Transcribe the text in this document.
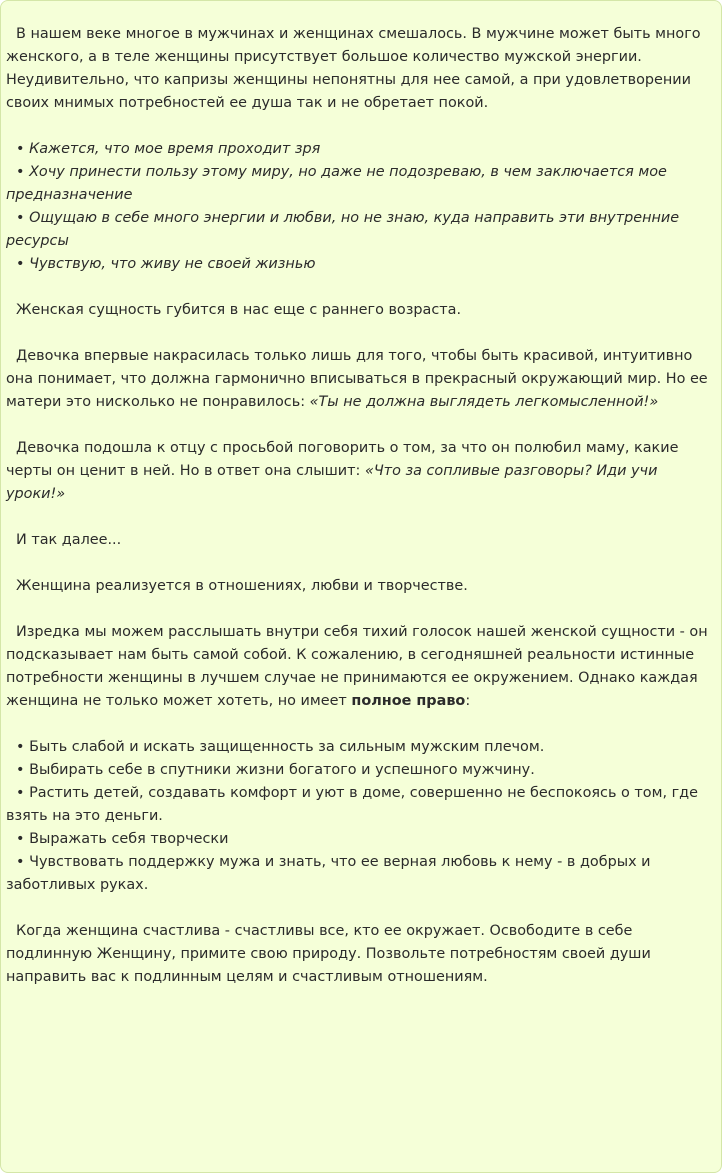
В нашем веке многое в мужчинах и женщинах смешалось. В мужчине может быть много женского, а в теле женщины присутствует большое количество мужской энергии. Неудивительно, что капризы женщины непонятны для нее самой, а при удовлетворении своих мнимых потребностей ее душа так и не обретает покой.

• Кажется, что мое время проходит зря
• Хочу принести пользу этому миру, но даже не подозреваю, в чем заключается мое предназначение
• Ощущаю в себе много энергии и любви, но не знаю, куда направить эти внутренние ресурсы
• Чувствую, что живу не своей жизнью

Женская сущность губится в нас еще с раннего возраста.

Девочка впервые накрасилась только лишь для того, чтобы быть красивой, интуитивно она понимает, что должна гармонично вписываться в прекрасный окружающий мир. Но ее матери это нисколько не понравилось: «Ты не должна выглядеть легкомысленной!»

Девочка подошла к отцу с просьбой поговорить о том, за что он полюбил маму, какие черты он ценит в ней. Но в ответ она слышит: «Что за сопливые разговоры? Иди учи уроки!»

И так далее...

Женщина реализуется в отношениях, любви и творчестве.

Изредка мы можем расслышать внутри себя тихий голосок нашей женской сущности - он подсказывает нам быть самой собой. К сожалению, в сегодняшней реальности истинные потребности женщины в лучшем случае не принимаются ее окружением. Однако каждая женщина не только может хотеть, но имеет полное право:

• Быть слабой и искать защищенность за сильным мужским плечом.
• Выбирать себе в спутники жизни богатого и успешного мужчину.
• Растить детей, создавать комфорт и уют в доме, совершенно не беспокоясь о том, где взять на это деньги.
• Выражать себя творчески
• Чувствовать поддержку мужа и знать, что ее верная любовь к нему - в добрых и заботливых руках.

Когда женщина счастлива - счастливы все, кто ее окружает. Освободите в себе подлинную Женщину, примите свою природу. Позвольте потребностям своей души направить вас к подлинным целям и счастливым отношениям.
